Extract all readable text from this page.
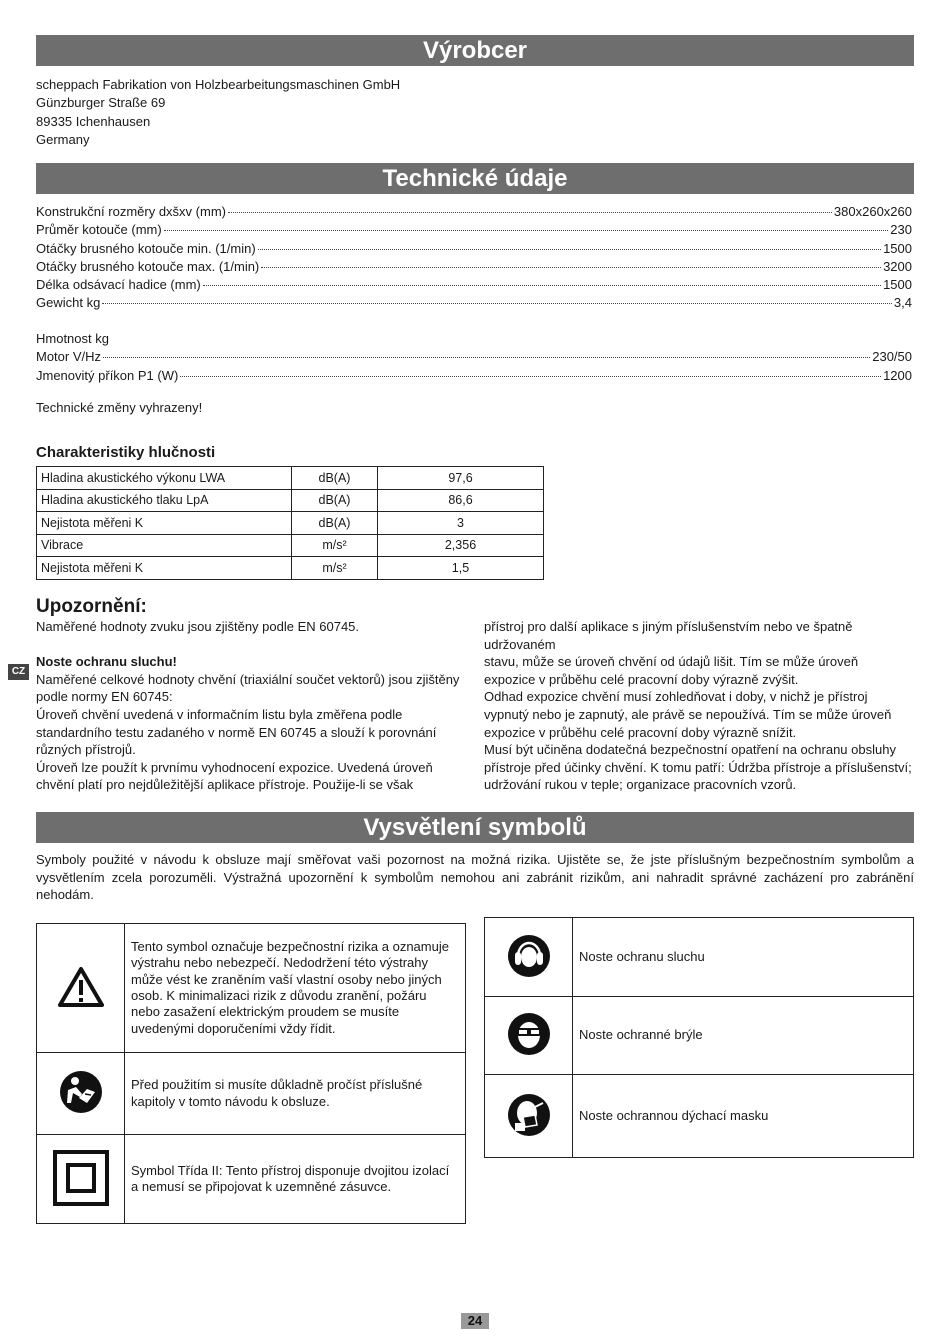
Výrobcer
scheppach Fabrikation von Holzbearbeitungsmaschinen GmbH
Günzburger Straße 69
89335 Ichenhausen
Germany
Technické údaje
Konstrukční rozměry dxšxv (mm)	380x260x260
Průměr kotouče (mm)	230
Otáčky brusného kotouče min. (1/min)	1500
Otáčky brusného kotouče max. (1/min)	3200
Délka odsávací hadice (mm)	1500
Gewicht kg	3,4
Hmotnost kg
Motor V/Hz	230/50
Jmenovitý příkon P1 (W)	1200
Technické změny vyhrazeny!
Charakteristiky hlučnosti
Hladina akustického výkonu LWA	dB(A)	97,6
Hladina akustického tlaku LpA	dB(A)	86,6
Nejistota měřeni K	dB(A)	3
Vibrace	m/s²	2,356
Nejistota měřeni K	m/s²	1,5
Upozornění:
CZ
Naměřené hodnoty zvuku jsou zjištěny podle EN 60745.
Noste ochranu sluchu!
Naměřené celkové hodnoty chvění (triaxiální součet vektorů) jsou zjištěny podle normy EN 60745:
Úroveň chvění uvedená v informačním listu byla změřena podle standardního testu zadaného v normě EN 60745 a slouží k porovnání různých přístrojů.
Úroveň lze použít k prvnímu vyhodnocení expozice. Uvedená úroveň chvění platí pro nejdůležitější aplikace přístroje. Použije-li se však
přístroj pro další aplikace s jiným příslušenstvím nebo ve špatně udržovaném
stavu, může se úroveň chvění od údajů lišit. Tím se může úroveň expozice v průběhu celé pracovní doby výrazně zvýšit.
Odhad expozice chvění musí zohledňovat i doby, v nichž je přístroj vypnutý nebo je zapnutý, ale právě se nepoužívá. Tím se může úroveň expozice v průběhu celé pracovní doby výrazně snížit.
Musí být učiněna dodatečná bezpečnostní opatření na ochranu obsluhy přístroje před účinky chvění. K tomu patří: Údržba přístroje a příslušenství; udržování rukou v teple; organizace pracovních vzorů.
Vysvětlení symbolů
Symboly použité v návodu k obsluze mají směřovat vaši pozornost na možná rizika. Ujistěte se, že jste příslušným bezpečnostním symbolům a vysvětlením zcela porozuměli. Výstražná upozornění k symbolům nemohou ani zabránit rizikům, ani nahradit správné zacházení pro zabránění nehodám.
	Tento symbol označuje bezpečnostní rizika a oznamuje výstrahu nebo nebezpečí. Nedodržení této výstrahy může vést ke zraněním vaší vlastní osoby nebo jiných osob. K minimalizaci rizik z důvodu zranění, požáru nebo zasažení elektrickým proudem se musíte uvedenými doporučeními vždy řídit.
	Před použitím si musíte důkladně pročíst příslušné kapitoly v tomto návodu k obsluze.
	Symbol Třída II: Tento přístroj disponuje dvojitou izolací a nemusí se připojovat k uzemněné zásuvce.
	Noste ochranu sluchu
	Noste ochranné brýle
	Noste ochrannou dýchací masku
24
